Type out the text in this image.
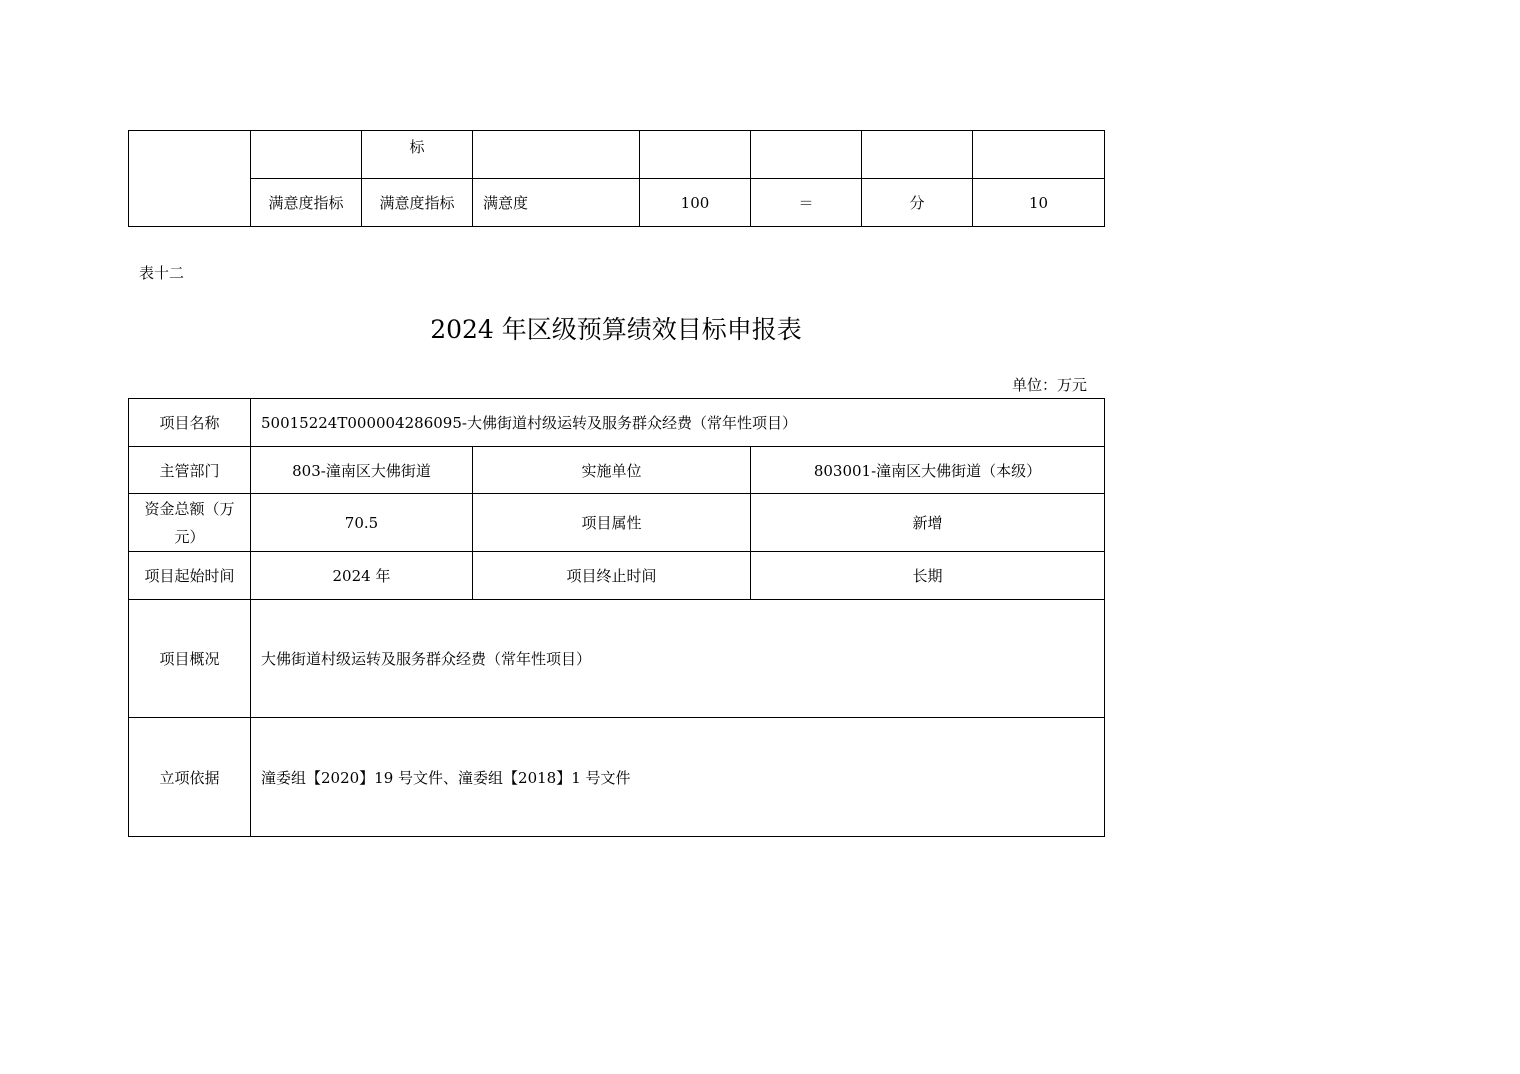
		标					
	满意度指标	满意度指标	满意度	100	＝	分	10
表十二
2024 年区级预算绩效目标申报表
单位：万元
项目名称	50015224T000004286095-大佛街道村级运转及服务群众经费（常年性项目）		
主管部门	803-潼南区大佛街道	实施单位	803001-潼南区大佛街道（本级）
资金总额（万元）	70.5	项目属性	新增
项目起始时间	2024 年	项目终止时间	长期
项目概况	大佛街道村级运转及服务群众经费（常年性项目）		
立项依据	潼委组【2020】19 号文件、潼委组【2018】1 号文件		
